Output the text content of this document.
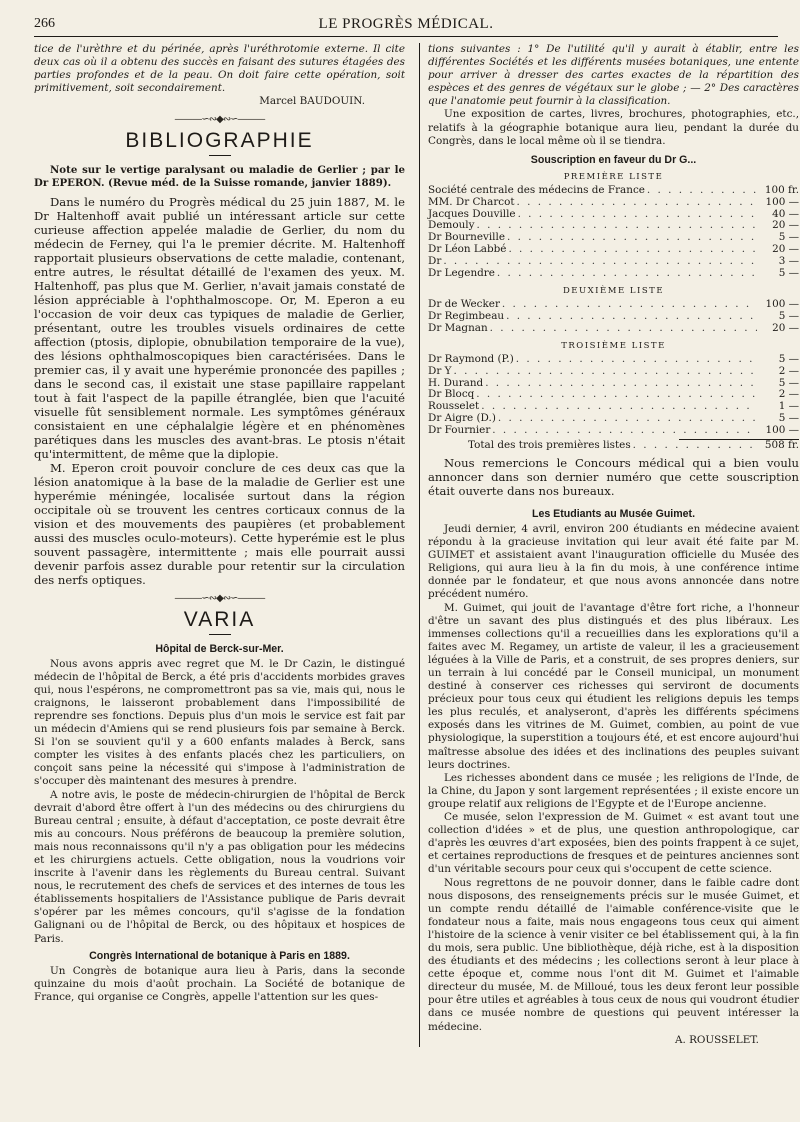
266	LE PROGRÈS MÉDICAL.

tice de l'urèthre et du périnée, après l'uréthrotomie externe. Il cite deux cas où il a obtenu des succès en faisant des sutures étagées des parties profondes et de la peau. On doit faire cette opération, soit primitivement, soit secondairement.

Marcel BAUDOUIN.
———∽∾◆∾∽———
BIBLIOGRAPHIE

Note sur le vertige paralysant ou maladie de Gerlier ; par le Dr EPERON. (Revue méd. de la Suisse romande, janvier 1889).

Dans le numéro du Progrès médical du 25 juin 1887, M. le Dr Haltenhoff avait publié un intéressant article sur cette curieuse affection appelée maladie de Gerlier, du nom du médecin de Ferney, qui l'a le premier décrite. M. Haltenhoff rapportait plusieurs observations de cette maladie, contenant, entre autres, le résultat détaillé de l'examen des yeux. M. Haltenhoff, pas plus que M. Gerlier, n'avait jamais constaté de lésion appréciable à l'ophthalmoscope. Or, M. Eperon a eu l'occasion de voir deux cas typiques de maladie de Gerlier, présentant, outre les troubles visuels ordinaires de cette affection (ptosis, diplopie, obnubilation temporaire de la vue), des lésions ophthalmoscopiques bien caractérisées. Dans le premier cas, il y avait une hyperémie prononcée des papilles ; dans le second cas, il existait une stase papillaire rappelant tout à fait l'aspect de la papille étranglée, bien que l'acuité visuelle fût sensiblement normale. Les symptômes généraux consistaient en une céphalalgie légère et en phénomènes parétiques dans les muscles des avant-bras. Le ptosis n'était qu'intermittent, de même que la diplopie.

M. Eperon croit pouvoir conclure de ces deux cas que la lésion anatomique à la base de la maladie de Gerlier est une hyperémie méningée, localisée surtout dans la région occipitale où se trouvent les centres corticaux connus de la vision et des mouvements des paupières (et probablement aussi des muscles oculo-moteurs). Cette hyperémie est le plus souvent passagère, intermittente ; mais elle pourrait aussi devenir parfois assez durable pour retentir sur la circulation des nerfs optiques.

———∽∾◆∾∽———
VARIA
Hôpital de Berck-sur-Mer.

Nous avons appris avec regret que M. le Dr Cazin, le distingué médecin de l'hôpital de Berck, a été pris d'accidents morbides graves qui, nous l'espérons, ne compromettront pas sa vie, mais qui, nous le craignons, le laisseront probablement dans l'impossibilité de reprendre ses fonctions. Depuis plus d'un mois le service est fait par un médecin d'Amiens qui se rend plusieurs fois par semaine à Berck. Si l'on se souvient qu'il y a 600 enfants malades à Berck, sans compter les visites à des enfants placés chez les particuliers, on conçoit sans peine la nécessité qui s'impose à l'administration de s'occuper dès maintenant des mesures à prendre.

A notre avis, le poste de médecin-chirurgien de l'hôpital de Berck devrait d'abord être offert à l'un des médecins ou des chirurgiens du Bureau central ; ensuite, à défaut d'acceptation, ce poste devrait être mis au concours. Nous préférons de beaucoup la première solution, mais nous reconnaissons qu'il n'y a pas obligation pour les médecins et les chirurgiens actuels. Cette obligation, nous la voudrions voir inscrite à l'avenir dans les règlements du Bureau central. Suivant nous, le recrutement des chefs de services et des internes de tous les établissements hospitaliers de l'Assistance publique de Paris devrait s'opérer par les mêmes concours, qu'il s'agisse de la fondation Galignani ou de l'hôpital de Berck, ou des hôpitaux et hospices de Paris.

Congrès International de botanique à Paris en 1889.

Un Congrès de botanique aura lieu à Paris, dans la seconde quinzaine du mois d'août prochain. La Société de botanique de France, qui organise ce Congrès, appelle l'attention sur les ques-

tions suivantes : 1° De l'utilité qu'il y aurait à établir, entre les différentes Sociétés et les différents musées botaniques, une entente pour arriver à dresser des cartes exactes de la répartition des espèces et des genres de végétaux sur le globe ; — 2° Des caractères que l'anatomie peut fournir à la classification.

Une exposition de cartes, livres, brochures, photographies, etc., relatifs à la géographie botanique aura lieu, pendant la durée du Congrès, dans le local même où il se tiendra.

Souscription en faveur du Dr G...
PREMIÈRE LISTE
Société centrale des médecins de France . . .	100 fr.
MM. Dr Charcot . . .	100 —
Jacques Douville . . .	40 —
Demouly . . .	20 —
Dr Bourneville . . .	5 —
Dr Léon Labbé . . .	20 —
Dr . . .	3 —
Dr Legendre . . .	5 —
DEUXIÈME LISTE
Dr de Wecker . . .	100 —
Dr Regimbeau . . .	5 —
Dr Magnan . . .	20 —
TROISIÈME LISTE
Dr Raymond (P.) . . .	5 —
Dr Y . . .	2 —
H. Durand . . .	5 —
Dr Blocq . . .	2 —
Rousselet . . .	1 —
Dr Aigre (D.) . . .	5 —
Dr Fournier . . .	100 —
Total des trois premières listes . . .	508 fr.

Nous remercions le Concours médical qui a bien voulu annoncer dans son dernier numéro que cette souscription était ouverte dans nos bureaux.

Les Etudiants au Musée Guimet.

Jeudi dernier, 4 avril, environ 200 étudiants en médecine avaient répondu à la gracieuse invitation qui leur avait été faite par M. GUIMET et assistaient avant l'inauguration officielle du Musée des Religions, qui aura lieu à la fin du mois, à une conférence intime donnée par le fondateur, et que nous avons annoncée dans notre précédent numéro.

M. Guimet, qui jouit de l'avantage d'être fort riche, a l'honneur d'être un savant des plus distingués et des plus libéraux. Les immenses collections qu'il a recueillies dans les explorations qu'il a faites avec M. Regamey, un artiste de valeur, il les a gracieusement léguées à la Ville de Paris, et a construit, de ses propres deniers, sur un terrain à lui concédé par le Conseil municipal, un monument destiné à conserver ces richesses qui serviront de documents précieux pour tous ceux qui étudient les religions depuis les temps les plus reculés, et analyseront, d'après les différents spécimens exposés dans les vitrines de M. Guimet, combien, au point de vue physiologique, la superstition a toujours été, et est encore aujourd'hui maîtresse absolue des idées et des inclinations des peuples suivant leurs doctrines.

Les richesses abondent dans ce musée ; les religions de l'Inde, de la Chine, du Japon y sont largement représentées ; il existe encore un groupe relatif aux religions de l'Egypte et de l'Europe ancienne.

Ce musée, selon l'expression de M. Guimet « est avant tout une collection d'idées » et de plus, une question anthropologique, car d'après les œuvres d'art exposées, bien des points frappent à ce sujet, et certaines reproductions de fresques et de peintures anciennes sont d'un véritable secours pour ceux qui s'occupent de cette science.

Nous regrettons de ne pouvoir donner, dans le faible cadre dont nous disposons, des renseignements précis sur le musée Guimet, et un compte rendu détaillé de l'aimable conférence-visite que le fondateur nous a faite, mais nous engageons tous ceux qui aiment l'histoire de la science à venir visiter ce bel établissement qui, à la fin du mois, sera public. Une bibliothèque, déjà riche, est à la disposition des étudiants et des médecins ; les collections seront à leur place à cette époque et, comme nous l'ont dit M. Guimet et l'aimable directeur du musée, M. de Milloué, tous les deux feront leur possible pour être utiles et agréables à tous ceux de nous qui voudront étudier dans ce musée nombre de questions qui peuvent intéresser la médecine.

A. ROUSSELET.
